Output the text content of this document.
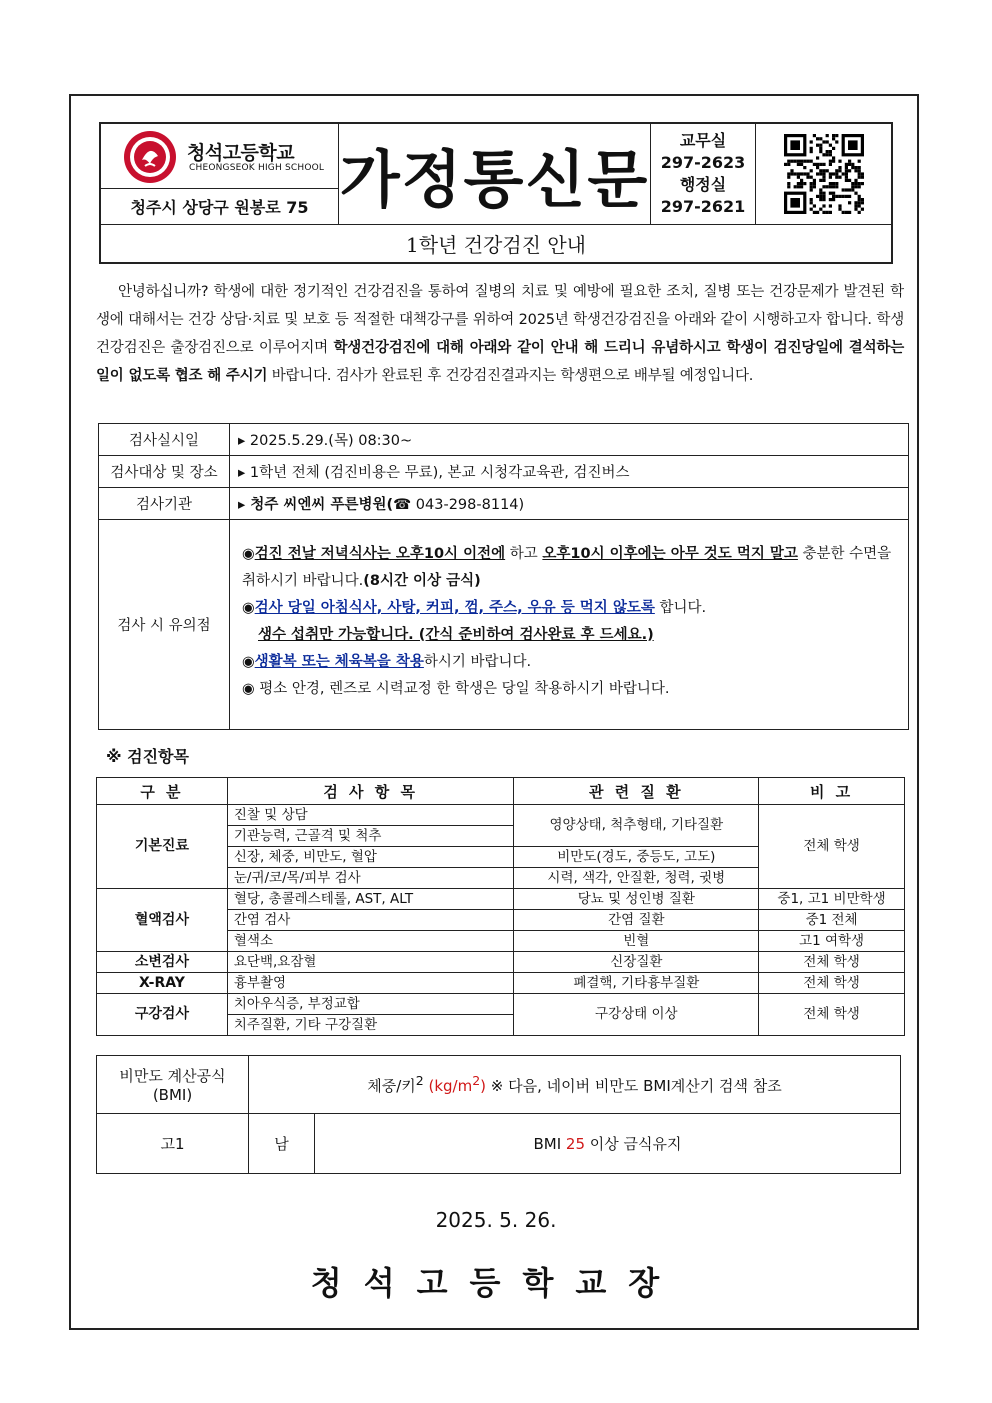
청석고등학교
CHEONGSEOK HIGH SCHOOL
청주시 상당구 원봉로 75 가정통신문
교무실
297-2623
행정실
297-2621
1학년 건강검진 안내

안녕하십니까? 학생에 대한 정기적인 건강검진을 통하여 질병의 치료 및 예방에 필요한 조치, 질병 또는 건강문제가 발견된 학생에 대해서는 건강 상담·치료 및 보호 등 적절한 대책강구를 위하여 2025년 학생건강검진을 아래와 같이 시행하고자 합니다. 학생건강검진은 출장검진으로 이루어지며 학생건강검진에 대해 아래와 같이 안내 해 드리니 유념하시고 학생이 검진당일에 결석하는 일이 없도록 협조 해 주시기 바랍니다. 검사가 완료된 후 건강검진결과지는 학생편으로 배부될 예정입니다.

검사실시일	▸ 2025.5.29.(목) 08:30~
검사대상 및 장소	▸ 1학년 전체 (검진비용은 무료), 본교 시청각교육관, 검진버스
검사기관	▸ 청주 씨엔씨 푸른병원(☎ 043-298-8114)
검사 시 유의점	◉검진 전날 저녁식사는 오후10시 이전에 하고 오후10시 이후에는 아무 것도 먹지 말고 충분한 수면을 취하시기 바랍니다.(8시간 이상 금식)

◉검사 당일 아침식사, 사탕, 커피, 껌, 주스, 우유 등 먹지 않도록 합니다.

생수 섭취만 가능합니다. (간식 준비하여 검사완료 후 드세요.)

◉생활복 또는 체육복을 착용하시기 바랍니다.

◉ 평소 안경, 렌즈로 시력교정 한 학생은 당일 착용하시기 바랍니다.

※ 검진항목
구 분	검 사 항 목	관 련 질 환	비 고
기본진료	진찰 및 상담	영양상태, 척추형태, 기타질환	전체 학생
	기관능력, 근골격 및 척추		
	신장, 체중, 비만도, 혈압	비만도(경도, 중등도, 고도)	
	눈/귀/코/목/피부 검사	시력, 색각, 안질환, 청력, 귓병	
혈액검사	혈당, 총콜레스테롤, AST, ALT	당뇨 및 성인병 질환	중1, 고1 비만학생
	간염 검사	간염 질환	중1 전체
	혈색소	빈혈	고1 여학생
소변검사	요단백,요잠혈	신장질환	전체 학생
X-RAY	흉부촬영	폐결핵, 기타흉부질환	전체 학생
구강검사	치아우식증, 부정교합	구강상태 이상	전체 학생
	치주질환, 기타 구강질환		
비만도 계산공식
(BMI)	체중/키$^2$ $(kg/m^2)$ ※ 다음, 네이버 비만도 BMI계산기 검색 참조	
고1	남	BMI 25 이상 금식유지
2025. 5. 26.
청석고등학교장
